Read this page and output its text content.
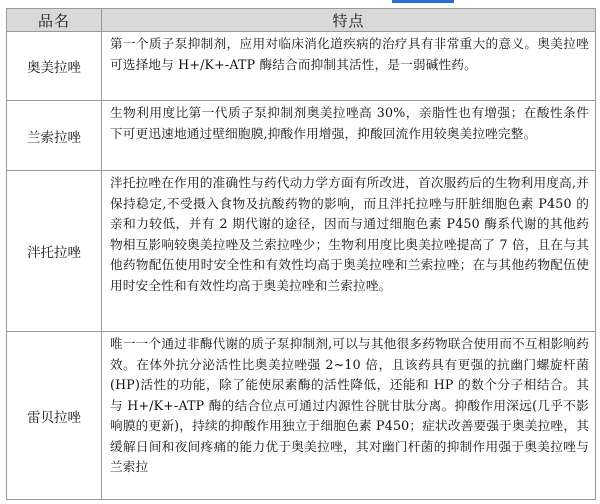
品名	特点
奥美拉唑	第一个质子泵抑制剂，应用对临床消化道疾病的治疗具有非常重大的意义。奥美拉唑可选择地与 H+/K+-ATP 酶结合而抑制其活性，是一弱碱性药。
兰索拉唑	生物利用度比第一代质子泵抑制剂奥美拉唑高 30%，亲脂性也有增强；在酸性条件下可更迅速地通过壁细胞膜,抑酸作用增强，抑酸回流作用较奥美拉唑完整。
泮托拉唑	泮托拉唑在作用的准确性与药代动力学方面有所改进，首次服药后的生物利用度高,并保持稳定,不受摄入食物及抗酸药物的影响，而且泮托拉唑与肝脏细胞色素 P450 的亲和力较低，并有 2 期代谢的途径，因而与通过细胞色素 P450 酶系代谢的其他药物相互影响较奥美拉唑及兰索拉唑少；生物利用度比奥美拉唑提高了 7 倍，且在与其他药物配伍使用时安全性和有效性均高于奥美拉唑和兰索拉唑；在与其他药物配伍使用时安全性和有效性均高于奥美拉唑和兰索拉唑。
雷贝拉唑	唯一一个通过非酶代谢的质子泵抑制剂,可以与其他很多药物联合使用而不互相影响药效。在体外抗分泌活性比奥美拉唑强 2~10 倍，且该药具有更强的抗幽门螺旋杆菌(HP)活性的功能，除了能使尿素酶的活性降低，还能和 HP 的数个分子相结合。其与 H+/K+-ATP 酶的结合位点可通过内源性谷胱甘肽分离。抑酸作用深远(几乎不影响膜的更新)，持续的抑酸作用独立于细胞色素 P450；症状改善要强于奥美拉唑，其缓解日间和夜间疼痛的能力优于奥美拉唑，其对幽门杆菌的抑制作用强于奥美拉唑与兰索拉
